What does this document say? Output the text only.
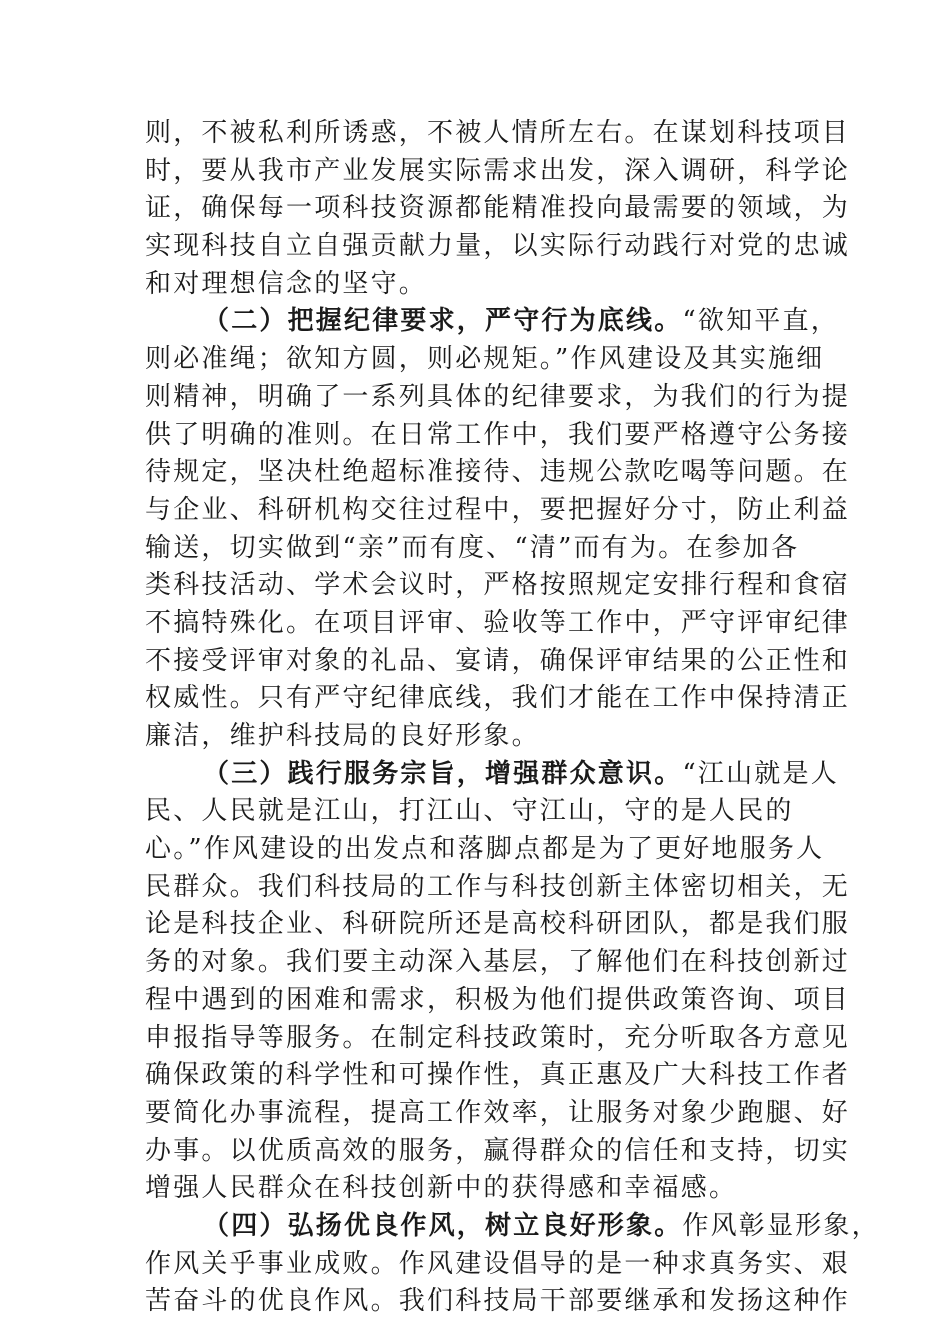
则，不被私利所诱惑，不被人情所左右。在谋划科技项目
时，要从我市产业发展实际需求出发，深入调研，科学论
证，确保每一项科技资源都能精准投向最需要的领域，为
实现科技自立自强贡献力量，以实际行动践行对党的忠诚
和对理想信念的坚守。
（二）把握纪律要求，严守行为底线。“欲知平直，
则必准绳；欲知方圆，则必规矩。”作风建设及其实施细
则精神，明确了一系列具体的纪律要求，为我们的行为提
供了明确的准则。在日常工作中，我们要严格遵守公务接
待规定，坚决杜绝超标准接待、违规公款吃喝等问题。在
与企业、科研机构交往过程中，要把握好分寸，防止利益
输送，切实做到“亲”而有度、“清”而有为。在参加各
类科技活动、学术会议时，严格按照规定安排行程和食宿
不搞特殊化。在项目评审、验收等工作中，严守评审纪律
不接受评审对象的礼品、宴请，确保评审结果的公正性和
权威性。只有严守纪律底线，我们才能在工作中保持清正
廉洁，维护科技局的良好形象。
（三）践行服务宗旨，增强群众意识。“江山就是人
民、人民就是江山，打江山、守江山，守的是人民的
心。”作风建设的出发点和落脚点都是为了更好地服务人
民群众。我们科技局的工作与科技创新主体密切相关，无
论是科技企业、科研院所还是高校科研团队，都是我们服
务的对象。我们要主动深入基层，了解他们在科技创新过
程中遇到的困难和需求，积极为他们提供政策咨询、项目
申报指导等服务。在制定科技政策时，充分听取各方意见
确保政策的科学性和可操作性，真正惠及广大科技工作者
要简化办事流程，提高工作效率，让服务对象少跑腿、好
办事。以优质高效的服务，赢得群众的信任和支持，切实
增强人民群众在科技创新中的获得感和幸福感。
（四）弘扬优良作风，树立良好形象。作风彰显形象，
作风关乎事业成败。作风建设倡导的是一种求真务实、艰
苦奋斗的优良作风。我们科技局干部要继承和发扬这种作
